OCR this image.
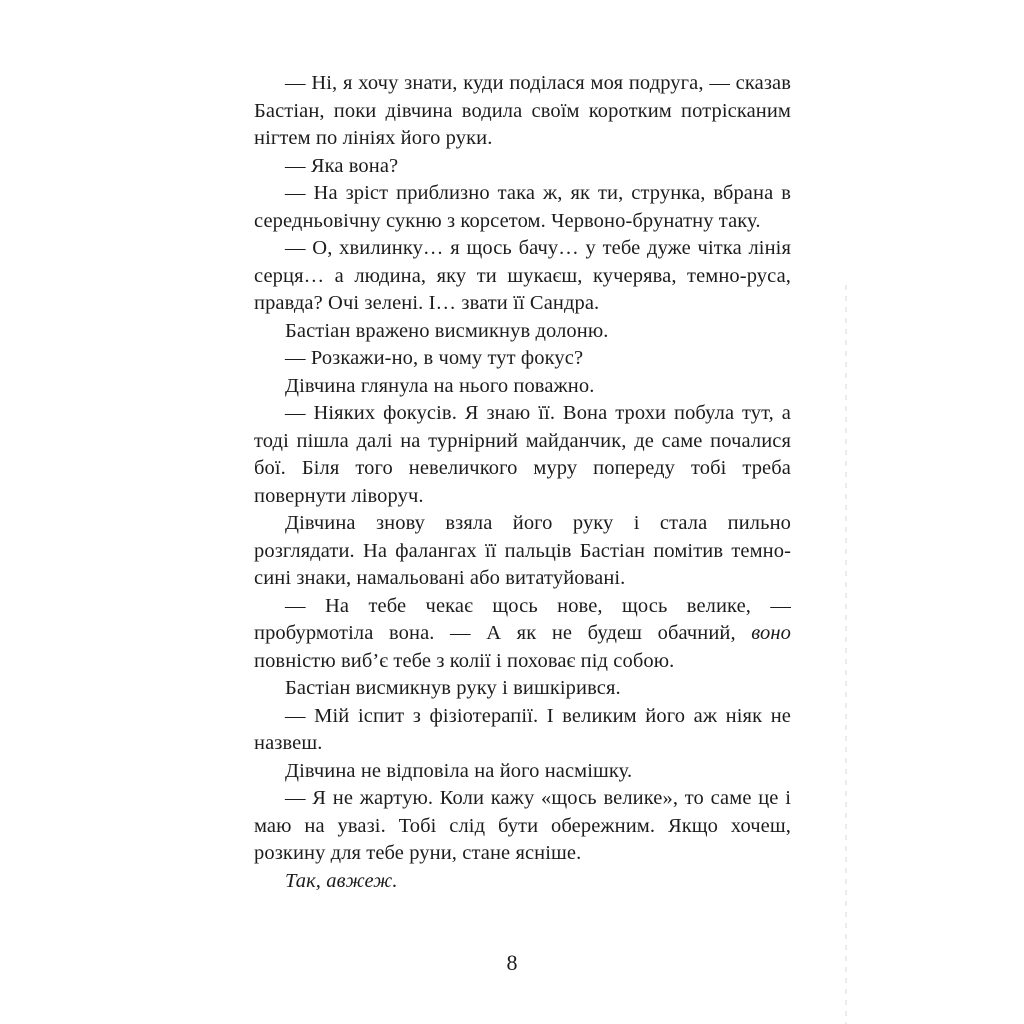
— Ні, я хочу знати, куди поділася моя подруга, — сказав Бастіан, поки дівчина водила своїм коротким потрісканим нігтем по лініях його руки.

— Яка вона?

— На зріст приблизно така ж, як ти, струнка, вбрана в середньовічну сукню з корсетом. Червоно-брунатну таку.

— О, хвилинку… я щось бачу… у тебе дуже чітка лінія серця… а людина, яку ти шукаєш, кучерява, темно-руса, правда? Очі зелені. І… звати її Сандра.

Бастіан вражено висмикнув долоню.

— Розкажи-но, в чому тут фокус?

Дівчина глянула на нього поважно.

— Ніяких фокусів. Я знаю її. Вона трохи побула тут, а тоді пішла далі на турнірний майданчик, де саме почалися бої. Біля того невеличкого муру попереду тобі треба повернути ліворуч.

Дівчина знову взяла його руку і стала пильно розглядати. На фалангах її пальців Бастіан помітив темно-сині знаки, намальовані або витатуйовані.

— На тебе чекає щось нове, щось велике, — пробурмотіла вона. — А як не будеш обачний, воно повністю виб’є тебе з колії і поховає під собою.

Бастіан висмикнув руку і вишкірився.

— Мій іспит з фізіотерапії. І великим його аж ніяк не назвеш.

Дівчина не відповіла на його насмішку.

— Я не жартую. Коли кажу «щось велике», то саме це і маю на увазі. Тобі слід бути обережним. Якщо хочеш, розкину для тебе руни, стане ясніше.

Так, авжеж.

8
